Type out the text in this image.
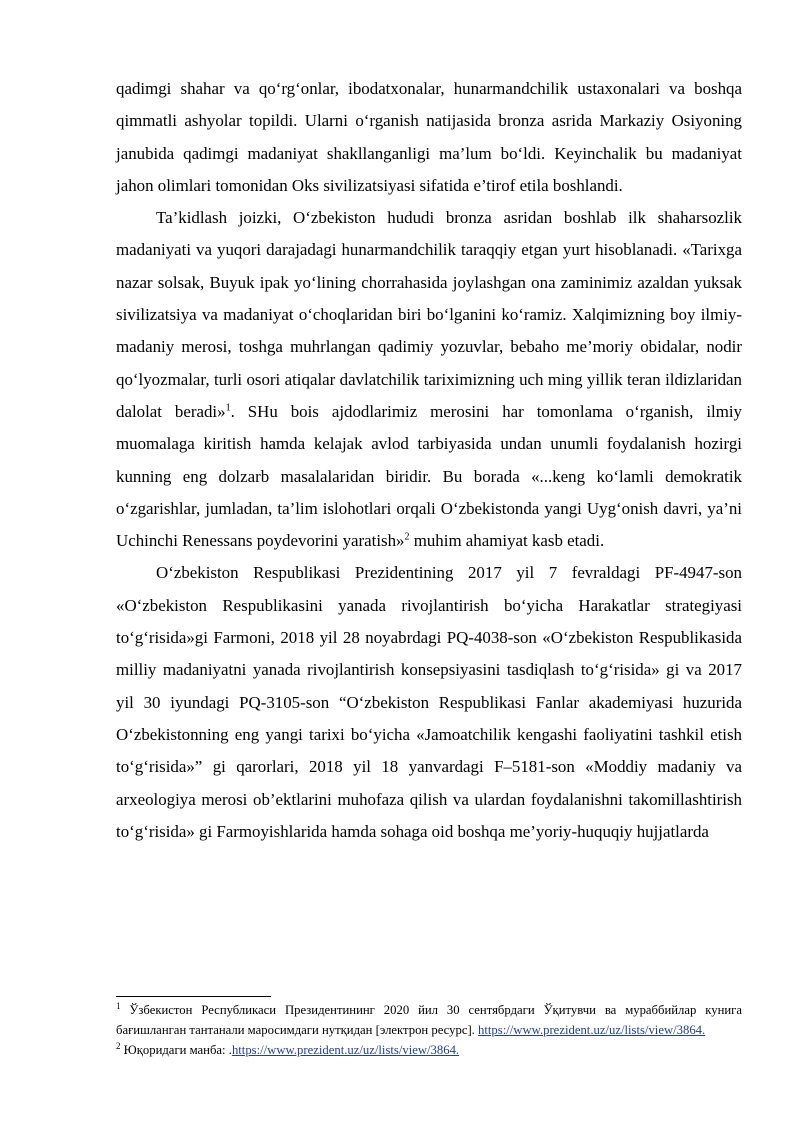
qadimgi shahar va qo‘rg‘onlar, ibodatxonalar, hunarmandchilik ustaxonalari va boshqa qimmatli ashyolar topildi. Ularni o‘rganish natijasida bronza asrida Markaziy Osiyoning janubida qadimgi madaniyat shakllanganligi ma’lum bo‘ldi. Keyinchalik bu madaniyat jahon olimlari tomonidan Oks sivilizatsiyasi sifatida e’tirof etila boshlandi.

Ta’kidlash joizki, O‘zbekiston hududi bronza asridan boshlab ilk shaharsozlik madaniyati va yuqori darajadagi hunarmandchilik taraqqiy etgan yurt hisoblanadi. «Tarixga nazar solsak, Buyuk ipak yo‘lining chorrahasida joylashgan ona zaminimiz azaldan yuksak sivilizatsiya va madaniyat o‘choqlaridan biri bo‘lganini ko‘ramiz. Xalqimizning boy ilmiy-madaniy merosi, toshga muhrlangan qadimiy yozuvlar, bebaho me’moriy obidalar, nodir qo‘lyozmalar, turli osori atiqalar davlatchilik tariximizning uch ming yillik teran ildizlaridan dalolat beradi»$^1$. SHu bois ajdodlarimiz merosini har tomonlama o‘rganish, ilmiy muomalaga kiritish hamda kelajak avlod tarbiyasida undan unumli foydalanish hozirgi kunning eng dolzarb masalalaridan biridir. Bu borada «...keng ko‘lamli demokratik o‘zgarishlar, jumladan, ta’lim islohotlari orqali O‘zbekistonda yangi Uyg‘onish davri, ya’ni Uchinchi Renessans poydevorini yaratish»$^2$ muhim ahamiyat kasb etadi.

O‘zbekiston Respublikasi Prezidentining 2017 yil 7 fevraldagi PF-4947-son «O‘zbekiston Respublikasini yanada rivojlantirish bo‘yicha Harakatlar strategiyasi to‘g‘risida»gi Farmoni, 2018 yil 28 noyabrdagi PQ-4038-son «O‘zbekiston Respublikasida milliy madaniyatni yanada rivojlantirish konsepsiyasini tasdiqlash to‘g‘risida» gi va 2017 yil 30 iyundagi PQ-3105-son “O‘zbekiston Respublikasi Fanlar akademiyasi huzurida O‘zbekistonning eng yangi tarixi bo‘yicha «Jamoatchilik kengashi faoliyatini tashkil etish to‘g‘risida»” gi qarorlari, 2018 yil 18 yanvardagi F–5181-son «Moddiy madaniy va arxeologiya merosi ob’ektlarini muhofaza qilish va ulardan foydalanishni takomillashtirish to‘g‘risida» gi Farmoyishlarida hamda sohaga oid boshqa me’yoriy-huquqiy hujjatlarda

$^1$ Ўзбекистон Республикаси Президентининг 2020 йил 30 сентябрдаги Ўқитувчи ва мураббийлар кунига бағишланган тантанали маросимдаги нутқидан [электрон ресурс]. https://www.prezident.uz/uz/lists/view/3864.

$^2$ Юқоридаги манба: .https://www.prezident.uz/uz/lists/view/3864.
